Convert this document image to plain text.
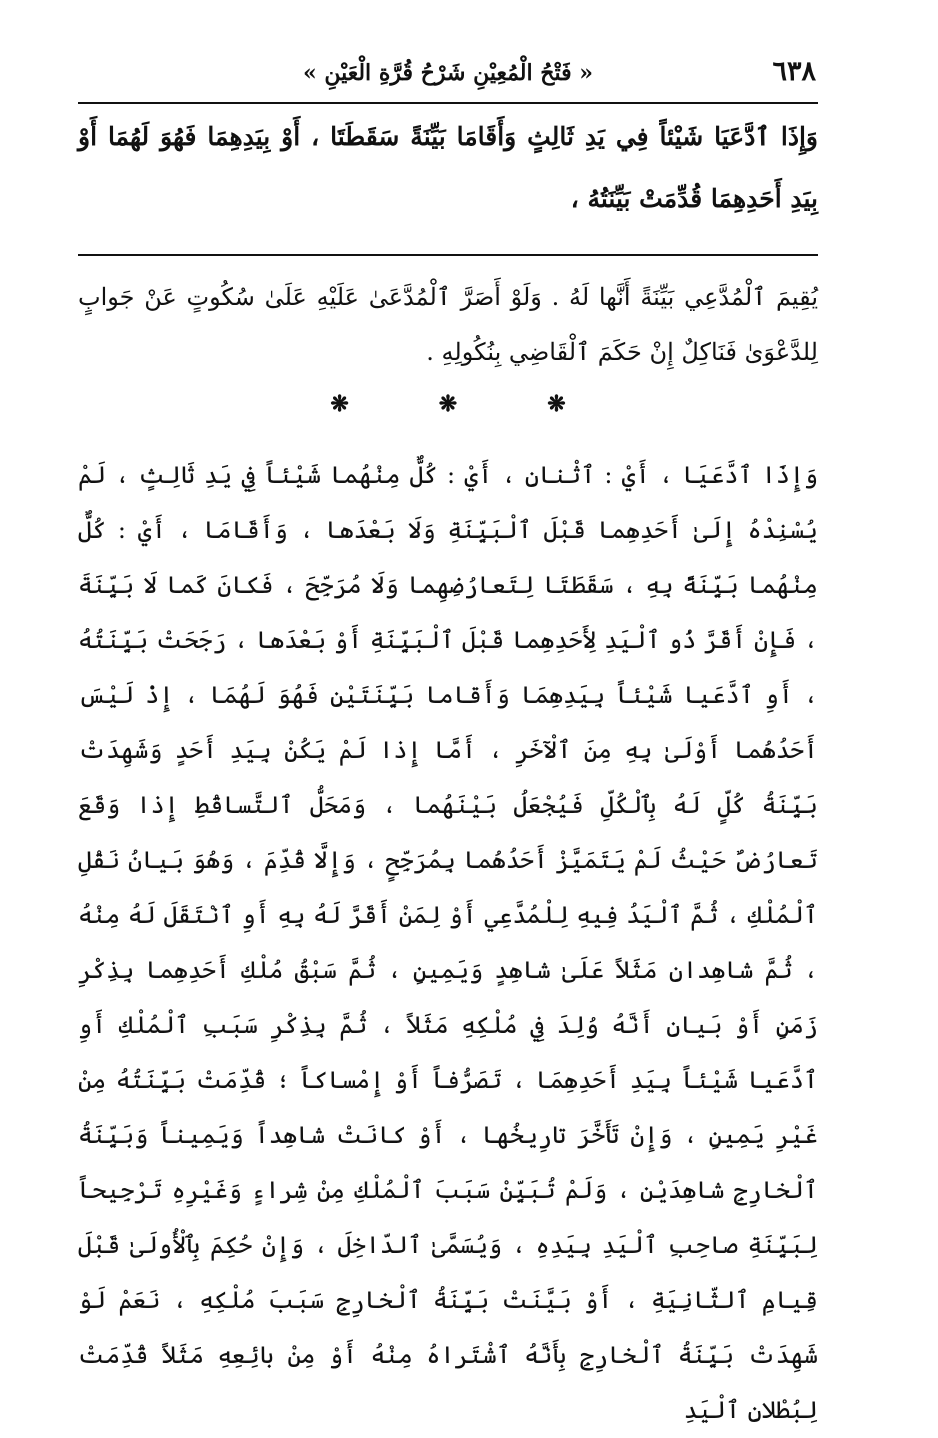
٦٣٨
« فَتْحُ الْمُعِيْنِ شَرْحُ قُرَّةِ الْعَيْنِ »

وَإِذَا ٱدَّعَيَا شَيْئاً فِي يَدِ ثَالِثٍ وَأَقَامَا بَيِّنَةً سَقَطَتَا ، أَوْ بِيَدِهِمَا فَهُوَ لَهُمَا أَوْ بِيَدِ أَحَدِهِمَا قُدِّمَتْ بَيِّنَتُهُ ،

يُقِيمَ ٱلْمُدَّعِي بَيِّنَةً أَنَّها لَهُ . وَلَوْ أَصَرَّ ٱلْمُدَّعَىٰ عَلَيْهِ عَلَىٰ سُكُوتٍ عَنْ جَوابٍ لِلدَّعْوَىٰ فَنَاكِلٌ إِنْ حَكَمَ ٱلْقَاضِي بِنُكُولِهِ .

❋	❋	❋

وَإِذَا ٱدَّعَيَا ، أَيْ : ٱثْنانِ ، أَيْ : كُلٌّ مِنْهُما شَيْئاً فِي يَدِ ثَالِثٍ ، لَمْ يُسْنِدْهُ إِلَىٰ أَحَدِهِما قَبْلَ ٱلْبَيِّنَةِ وَلَا بَعْدَها ، وَأَقَامَا ، أَيْ : كُلٌّ مِنْهُما بَيِّنَةً بِهِ ، سَقَطَتَا لِتَعارُضِهِما وَلَا مُرَجِّحَ ، فَكانَ كَما لَا بَيِّنَةَ ، فَإِنْ أَقَرَّ ذُو ٱلْيَدِ لِأَحَدِهِما قَبْلَ ٱلْبَيِّنَةِ أَوْ بَعْدَها ، رَجَحَتْ بَيِّنَتُهُ ، أَوِ ٱدَّعَيا شَيْئاً بِيَدِهِمَا وَأَقاما بَيِّنَتَيْنِ فَهُوَ لَهُمَا ، إِذْ لَيْسَ أَحَدُهُما أَوْلَىٰ بِهِ مِنَ ٱلْآخَرِ ، أَمَّا إِذا لَمْ يَكُنْ بِيَدِ أَحَدٍ وَشَهِدَتْ بَيِّنَةُ كُلٍّ لَهُ بِٱلْكُلِّ فَيُجْعَلُ بَيْنَهُما ، وَمَحَلُّ ٱلتَّساقُطِ إِذا وَقَعَ تَعارُضٌ حَيْثُ لَمْ يَتَمَيَّزْ أَحَدُهُما بِمُرَجِّحٍ ، وَإِلَّا قُدِّمَ ، وَهُوَ بَيانُ نَقْلِ ٱلْمُلْكِ ، ثُمَّ ٱلْيَدُ فِيهِ لِلْمُدَّعِي أَوْ لِمَنْ أَقَرَّ لَهُ بِهِ أَوِ ٱنْتَقَلَ لَهُ مِنْهُ ، ثُمَّ شاهِدانِ مَثَلاً عَلَىٰ شاهِدٍ وَيَمِينٍ ، ثُمَّ سَبْقُ مُلْكِ أَحَدِهِما بِذِكْرِ زَمَنٍ أَوْ بَيانِ أَنَّهُ وُلِدَ فِي مُلْكِهِ مَثَلاً ، ثُمَّ بِذِكْرِ سَبَبِ ٱلْمُلْكِ أَوِ ٱدَّعَيا شَيْئاً بِيَدِ أَحَدِهِمَا ، تَصَرُّفاً أَوْ إِمْساكاً ؛ قُدِّمَتْ بَيِّنَتُهُ مِنْ غَيْرِ يَمِينٍ ، وَإِنْ تَأَخَّرَ تارِيخُها ، أَوْ كانَتْ شاهِداً وَيَمِيناً وَبَيِّنَةُ ٱلْخارِجِ شاهِدَيْنِ ، وَلَمْ تُبَيِّنْ سَبَبَ ٱلْمُلْكِ مِنْ شِراءٍ وَغَيْرِهِ تَرْجِيحاً لِبَيِّنَةِ صاحِبِ ٱلْيَدِ بِيَدِهِ ، وَيُسَمَّىٰ ٱلدّاخِلَ ، وَإِنْ حُكِمَ بِٱلْأُولَىٰ قَبْلَ قِيامِ ٱلثّانِيَةِ ، أَوْ بَيَّنَتْ بَيِّنَةُ ٱلْخارِجِ سَبَبَ مُلْكِهِ ، نَعَمْ لَوْ شَهِدَتْ بَيِّنَةُ ٱلْخارِجِ بِأَنَّهُ ٱشْتَراهُ مِنْهُ أَوْ مِنْ بائِعِهِ مَثَلاً قُدِّمَتْ لِبُطْلانِ ٱلْيَدِ
